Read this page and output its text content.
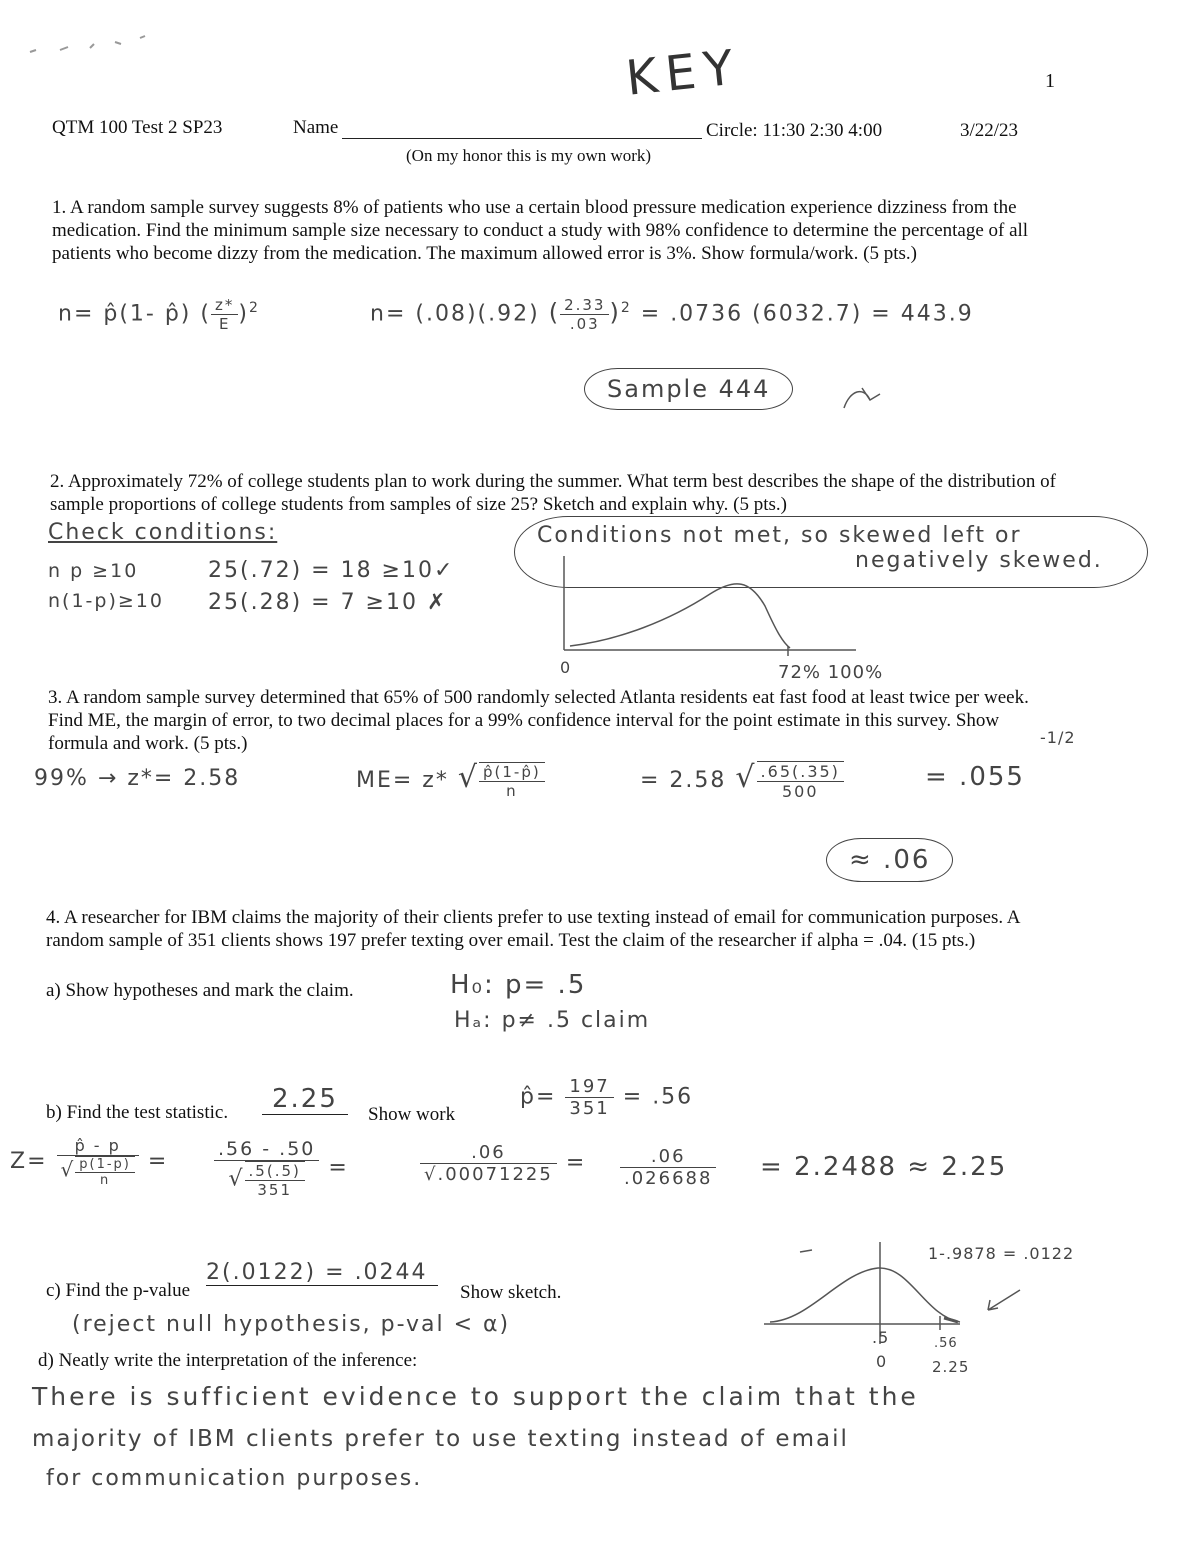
1
KEY
QTM 100 Test 2 SP23	Name	Circle: 11:30 2:30 4:00	3/22/23
(On my honor this is my own work)
1. A random sample survey suggests 8% of patients who use a certain blood pressure medication experience dizziness from the medication. Find the minimum sample size necessary to conduct a study with 98% confidence to determine the percentage of all patients who become dizzy from the medication. The maximum allowed error is 3%. Show formula/work. (5 pts.)
n= p̂(1- p̂) ( $\frac{z*}{E} )^2$	n= (.08)(.92) ( $\frac{2.33}{.03} )^2 = .0736$ (6032.7) = 443.9
Sample 444
2. Approximately 72% of college students plan to work during the summer. What term best describes the shape of the distribution of sample proportions of college students from samples of size 25? Sketch and explain why. (5 pts.)
Check conditions:
n p ≥10
n(1-p)≥10
25(.72) = 18 ≥10✓
25(.28) = 7 ≥10 ✗
Conditions not met, so skewed left or
negatively skewed.
0	72% 100%
3. A random sample survey determined that 65% of 500 randomly selected Atlanta residents eat fast food at least twice per week. Find ME, the margin of error, to two decimal places for a 99% confidence interval for the point estimate in this survey. Show formula and work. (5 pts.)
99% → z*= 2.58	ME= z* √ $\frac{p̂(1-p̂)}{n}$	= 2.58 √ $\frac{.65(.35)}{500}$	= .055
-1/2
≈ .06
4. A researcher for IBM claims the majority of their clients prefer to use texting instead of email for communication purposes. A random sample of 351 clients shows 197 prefer texting over email. Test the claim of the researcher if alpha = .04. (15 pts.)
a) Show hypotheses and mark the claim.	H₀: p= .5
Hₐ: p≠ .5 claim
b) Find the test statistic.	2.25
Show work
p̂= $\frac{197}{351} = .56$
$Z= \frac{p̂ - p}{√ \frac{p(1-p)}{n}} = \frac{.56 - .50}{√ \frac{.5(.5)}{351}}$ =	$\frac{.06}{√.00071225} = \frac{.06}{.026688} = 2.2488 \approx 2.25$
c) Find the p-value
2(.0122) = .0244
Show sketch.
(reject null hypothesis, p-val < α)
1-.9878 = .0122
.5
0
.56
2.25
d) Neatly write the interpretation of the inference:
There is sufficient evidence to support the claim that the
majority of IBM clients prefer to use texting instead of email
for communication purposes.
